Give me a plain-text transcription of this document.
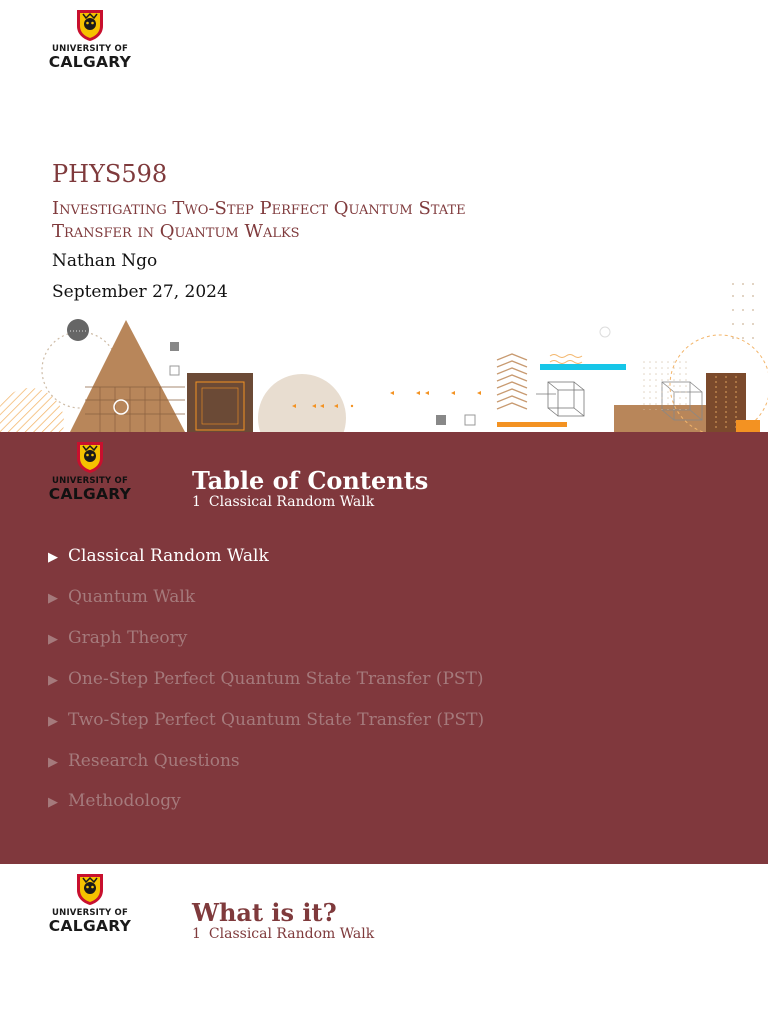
UNIVERSITY OF
CALGARY
PHYS598
Investigating Two-Step Perfect Quantum State
Transfer in Quantum Walks
Nathan Ngo
September 27, 2024
UNIVERSITY OF
CALGARY	Table of Contents
1 Classical Random Walk
▶ Classical Random Walk
▶ Quantum Walk
▶ Graph Theory
▶ One-Step Perfect Quantum State Transfer (PST)
▶ Two-Step Perfect Quantum State Transfer (PST)
▶ Research Questions
▶ Methodology
UNIVERSITY OF
CALGARY	What is it?
1 Classical Random Walk
